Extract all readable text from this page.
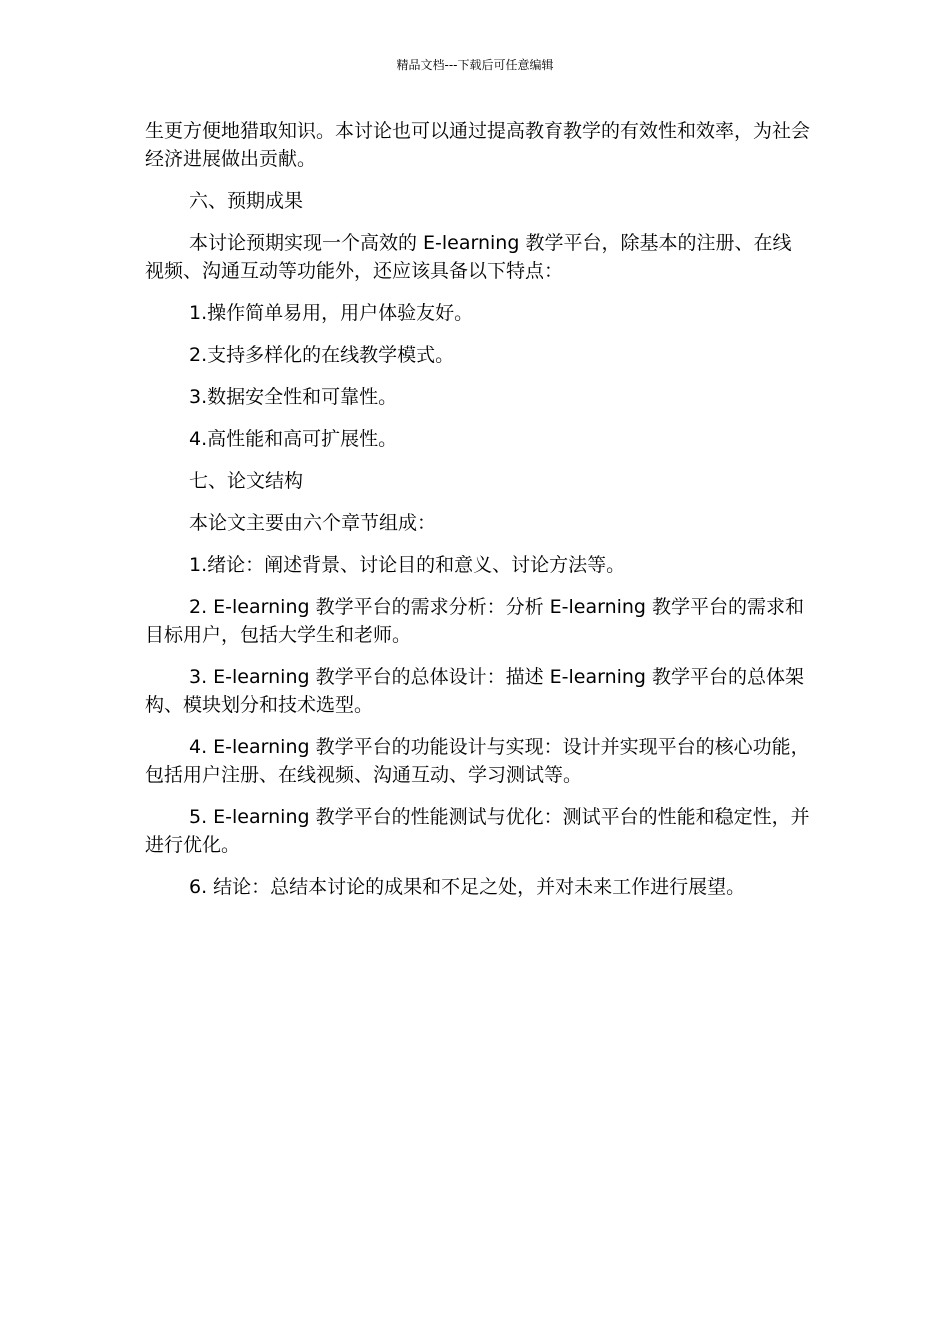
精品文档---下载后可任意编辑

生更方便地猎取知识。本讨论也可以通过提高教育教学的有效性和效率，为社会经济进展做出贡献。

六、预期成果

本讨论预期实现一个高效的 E-learning 教学平台，除基本的注册、在线视频、沟通互动等功能外，还应该具备以下特点：

1.操作简单易用，用户体验友好。

2.支持多样化的在线教学模式。

3.数据安全性和可靠性。

4.高性能和高可扩展性。

七、论文结构

本论文主要由六个章节组成：

1.绪论：阐述背景、讨论目的和意义、讨论方法等。

2. E-learning 教学平台的需求分析：分析 E-learning 教学平台的需求和目标用户，包括大学生和老师。

3. E-learning 教学平台的总体设计：描述 E-learning 教学平台的总体架构、模块划分和技术选型。

4. E-learning 教学平台的功能设计与实现：设计并实现平台的核心功能，包括用户注册、在线视频、沟通互动、学习测试等。

5. E-learning 教学平台的性能测试与优化：测试平台的性能和稳定性，并进行优化。

6. 结论：总结本讨论的成果和不足之处，并对未来工作进行展望。
